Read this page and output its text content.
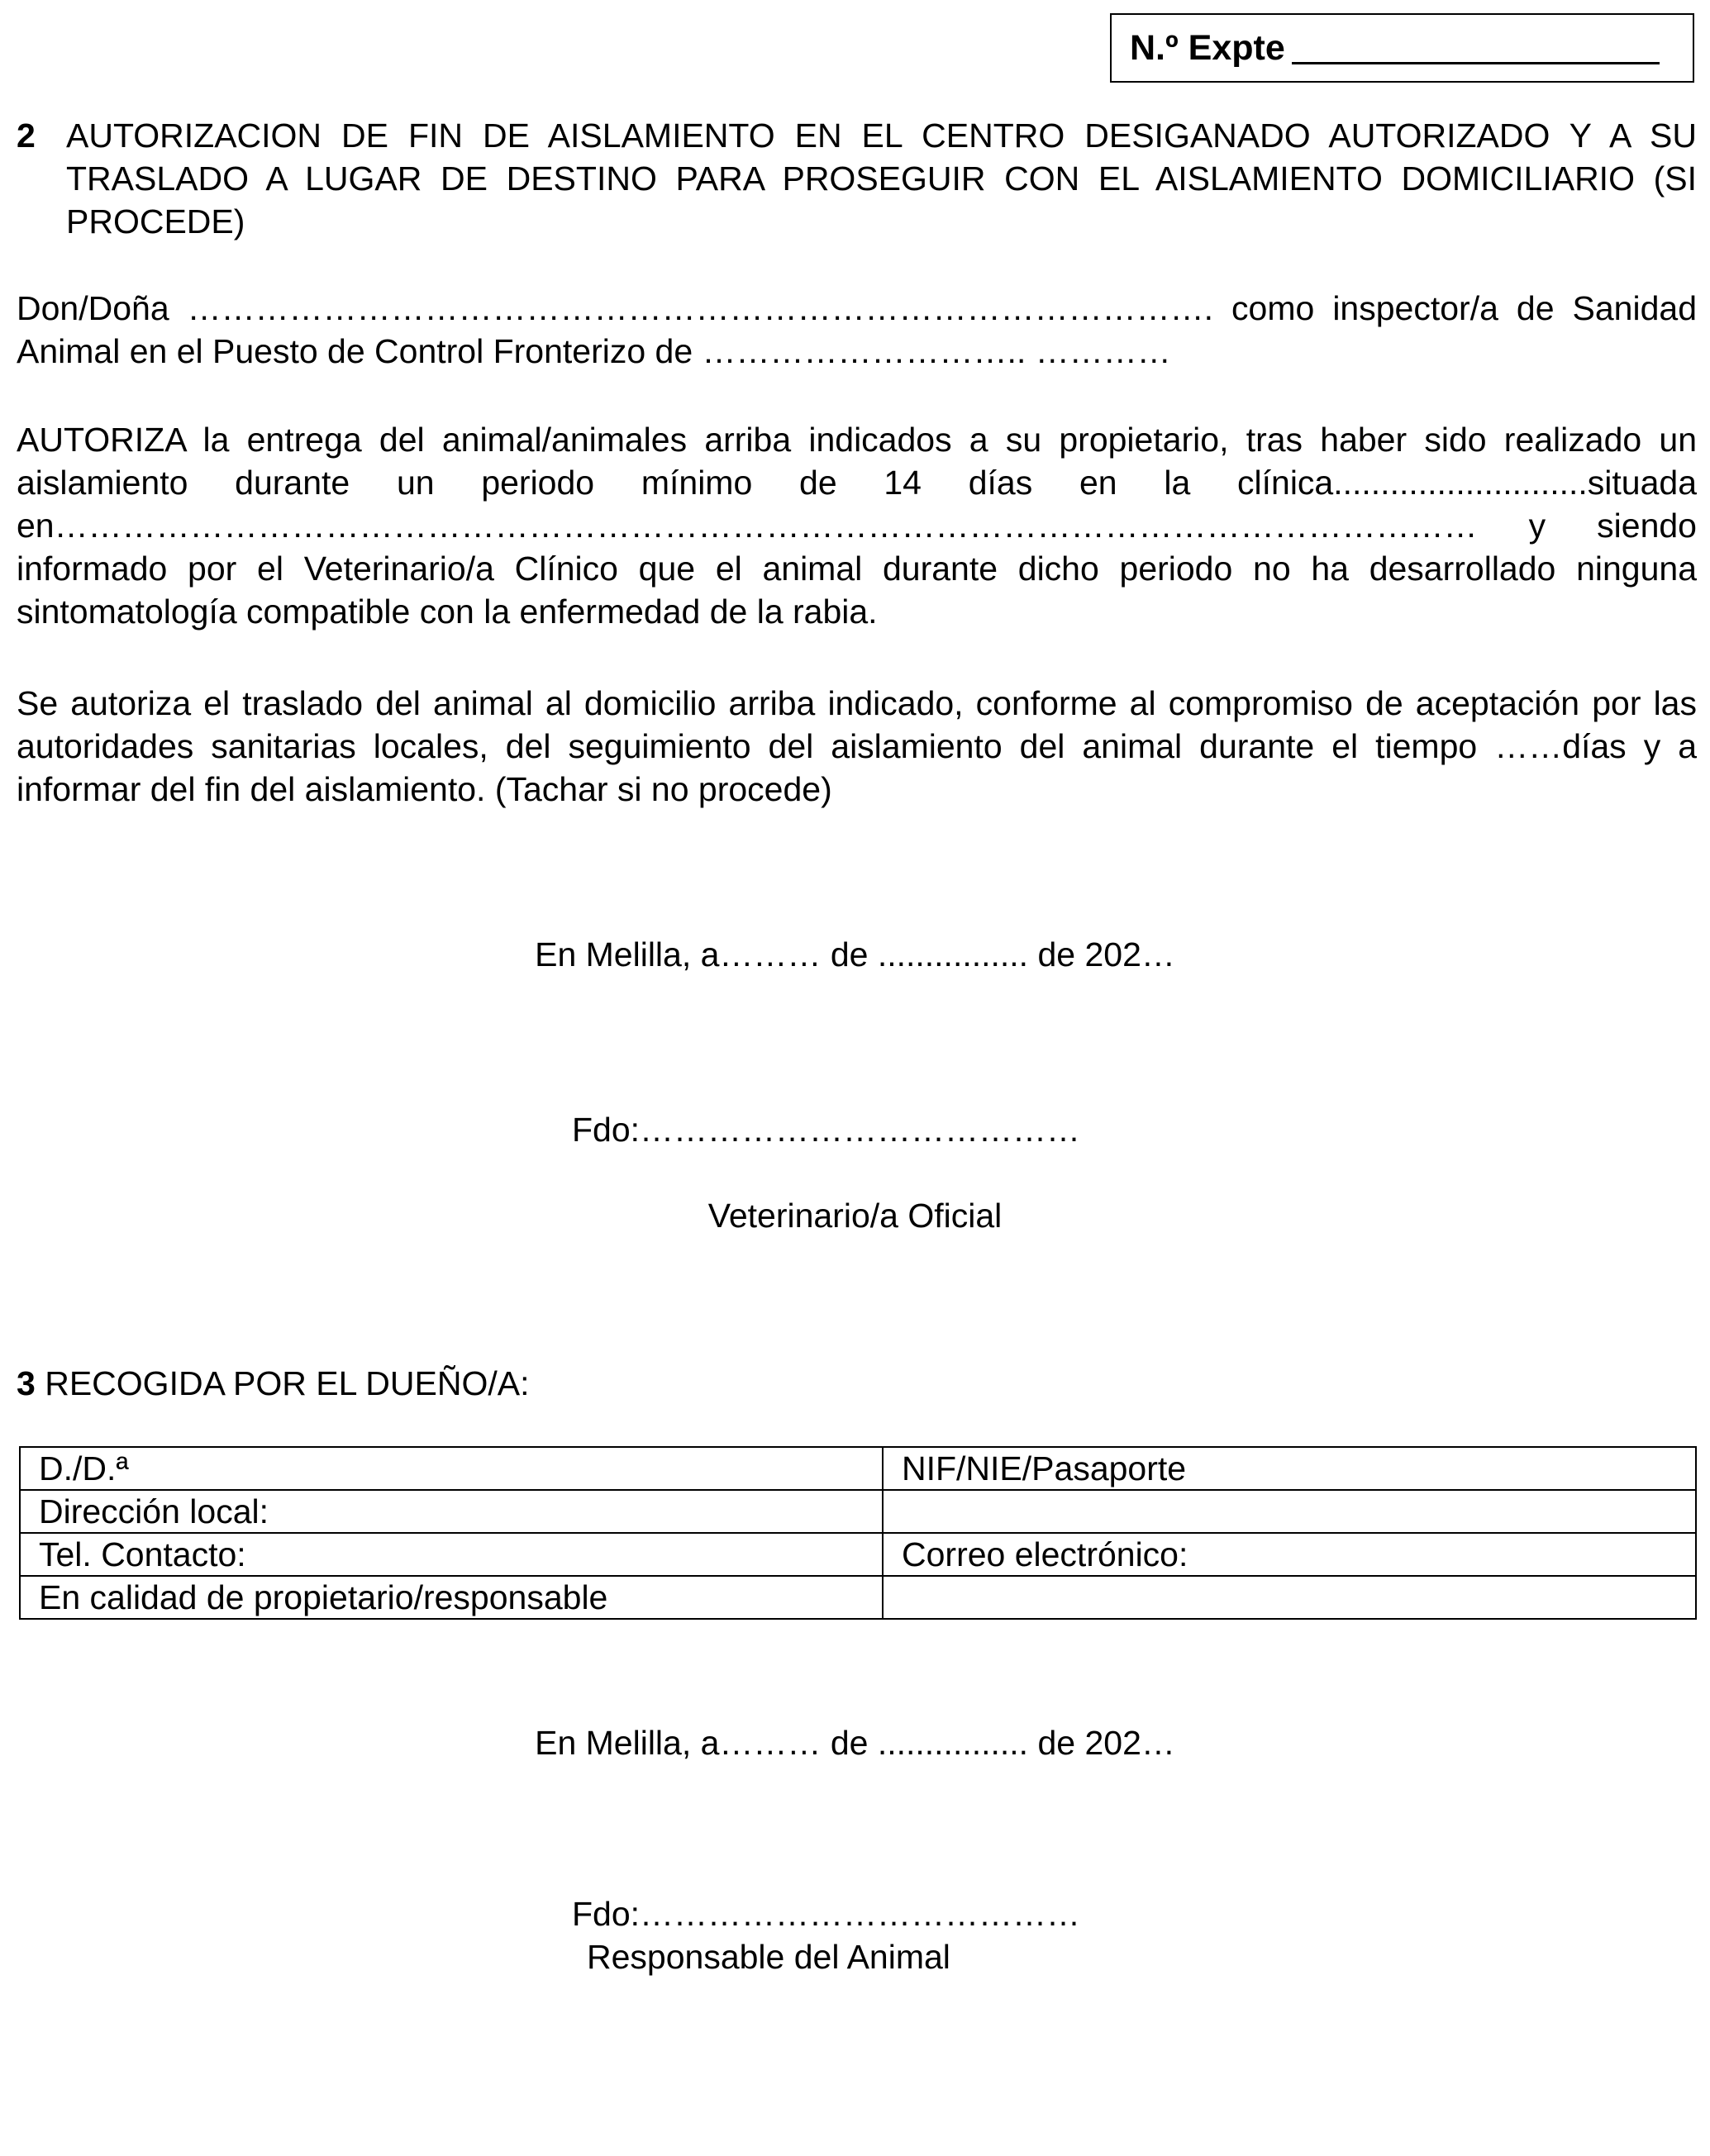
N.º Expte
2 AUTORIZACION DE FIN DE AISLAMIENTO EN EL CENTRO DESIGANADO AUTORIZADO Y A SU TRASLADO A LUGAR DE DESTINO PARA PROSEGUIR CON EL AISLAMIENTO DOMICILIARIO (SI PROCEDE)
Don/Doña ………………………………………………………………………………. como inspector/a de Sanidad Animal en el Puesto de Control Fronterizo de ……………………….. …………
AUTORIZA la entrega del animal/animales arriba indicados a su propietario, tras haber sido realizado un aislamiento durante un periodo mínimo de 14 días en la clínica...........................situada en……………………………………………………………………………………………………………… y siendo informado por el Veterinario/a Clínico que el animal durante dicho periodo no ha desarrollado ninguna sintomatología compatible con la enfermedad de la rabia.
Se autoriza el traslado del animal al domicilio arriba indicado, conforme al compromiso de aceptación por las autoridades sanitarias locales, del seguimiento del aislamiento del animal durante el tiempo ……días y a informar del fin del aislamiento. (Tachar si no procede)
En Melilla, a……… de ................ de 202…
Fdo:…………………………………
Veterinario/a Oficial
3 RECOGIDA POR EL DUEÑO/A:
D./D.ª	NIF/NIE/Pasaporte
Dirección local:	
Tel. Contacto:	Correo electrónico:
En calidad de propietario/responsable	
En Melilla, a……… de ................ de 202…
Fdo:…………………………………
Responsable del Animal
